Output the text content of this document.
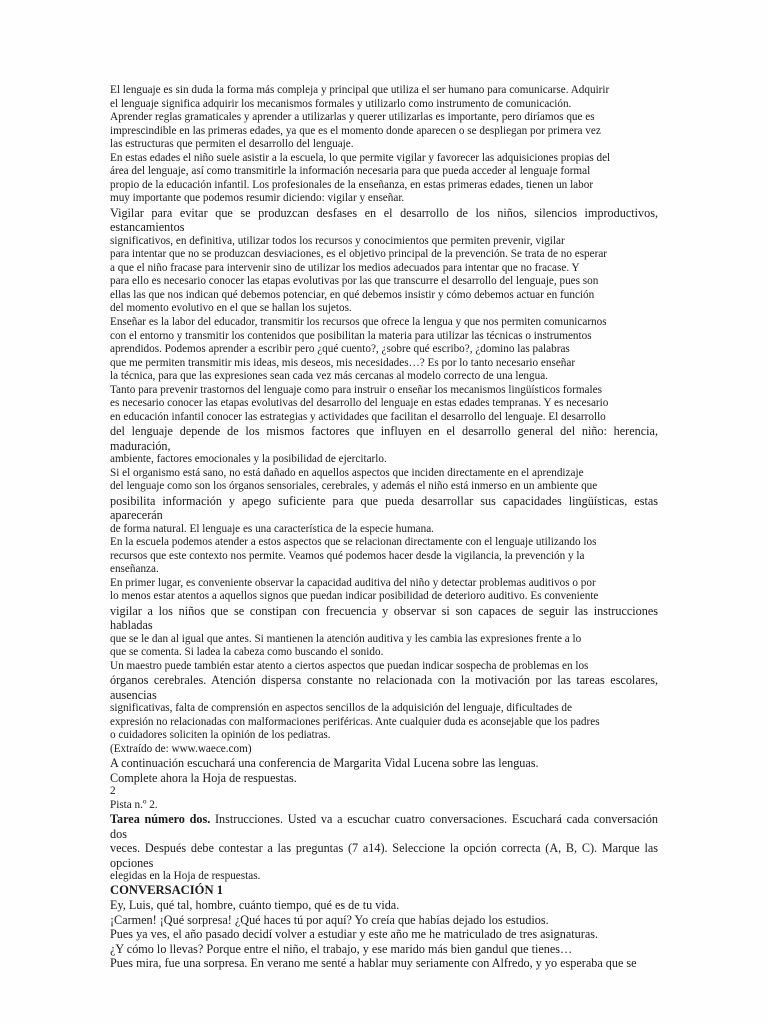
El lenguaje es sin duda la forma más compleja y principal que utiliza el ser humano para comunicarse. Adquirir
el lenguaje significa adquirir los mecanismos formales y utilizarlo como instrumento de comunicación.
Aprender reglas gramaticales y aprender a utilizarlas y querer utilizarlas es importante, pero diríamos que es
imprescindible en las primeras edades, ya que es el momento donde aparecen o se despliegan por primera vez
las estructuras que permiten el desarrollo del lenguaje.
En estas edades el niño suele asistir a la escuela, lo que permite vigilar y favorecer las adquisiciones propias del
área del lenguaje, así como transmitirle la información necesaria para que pueda acceder al lenguaje formal
propio de la educación infantil. Los profesionales de la enseñanza, en estas primeras edades, tienen un labor
muy importante que podemos resumir diciendo: vigilar y enseñar.
Vigilar para evitar que se produzcan desfases en el desarrollo de los niños, silencios improductivos,
estancamientos
significativos, en definitiva, utilizar todos los recursos y conocimientos que permiten prevenir, vigilar
para intentar que no se produzcan desviaciones, es el objetivo principal de la prevención. Se trata de no esperar
a que el niño fracase para intervenir sino de utilizar los medios adecuados para intentar que no fracase. Y
para ello es necesario conocer las etapas evolutivas por las que transcurre el desarrollo del lenguaje, pues son
ellas las que nos indican qué debemos potenciar, en qué debemos insistir y cómo debemos actuar en función
del momento evolutivo en el que se hallan los sujetos.
Enseñar es la labor del educador, transmitir los recursos que ofrece la lengua y que nos permiten comunicarnos
con el entorno y transmitir los contenidos que posibilitan la materia para utilizar las técnicas o instrumentos
aprendidos. Podemos aprender a escribir pero ¿qué cuento?, ¿sobre qué escribo?, ¿domino las palabras
que me permiten transmitir mis ideas, mis deseos, mis necesidades…? Es por lo tanto necesario enseñar
la técnica, para que las expresiones sean cada vez más cercanas al modelo correcto de una lengua.
Tanto para prevenir trastornos del lenguaje como para instruir o enseñar los mecanismos lingüísticos formales
es necesario conocer las etapas evolutivas del desarrollo del lenguaje en estas edades tempranas. Y es necesario
en educación infantil conocer las estrategias y actividades que facilitan el desarrollo del lenguaje. El desarrollo
del lenguaje depende de los mismos factores que influyen en el desarrollo general del niño: herencia,
maduración,
ambiente, factores emocionales y la posibilidad de ejercitarlo.
Si el organismo está sano, no está dañado en aquellos aspectos que inciden directamente en el aprendizaje
del lenguaje como son los órganos sensoriales, cerebrales, y además el niño está inmerso en un ambiente que
posibilita información y apego suficiente para que pueda desarrollar sus capacidades lingüísticas, estas
aparecerán
de forma natural. El lenguaje es una característica de la especie humana.
En la escuela podemos atender a estos aspectos que se relacionan directamente con el lenguaje utilizando los
recursos que este contexto nos permite. Veamos qué podemos hacer desde la vigilancia, la prevención y la
enseñanza.
En primer lugar, es conveniente observar la capacidad auditiva del niño y detectar problemas auditivos o por
lo menos estar atentos a aquellos signos que puedan indicar posibilidad de deterioro auditivo. Es conveniente
vigilar a los niños que se constipan con frecuencia y observar si son capaces de seguir las instrucciones
habladas
que se le dan al igual que antes. Si mantienen la atención auditiva y les cambia las expresiones frente a lo
que se comenta. Si ladea la cabeza como buscando el sonido.
Un maestro puede también estar atento a ciertos aspectos que puedan indicar sospecha de problemas en los
órganos cerebrales. Atención dispersa constante no relacionada con la motivación por las tareas escolares,
ausencias
significativas, falta de comprensión en aspectos sencillos de la adquisición del lenguaje, dificultades de
expresión no relacionadas con malformaciones periféricas. Ante cualquier duda es aconsejable que los padres
o cuidadores soliciten la opinión de los pediatras.
(Extraído de: www.waece.com)
A continuación escuchará una conferencia de Margarita Vidal Lucena sobre las lenguas.
Complete ahora la Hoja de respuestas.
2
Pista n.º 2.
Tarea número dos. Instrucciones. Usted va a escuchar cuatro conversaciones. Escuchará cada conversación
dos
veces. Después debe contestar a las preguntas (7 a14). Seleccione la opción correcta (A, B, C). Marque las
opciones
elegidas en la Hoja de respuestas.
CONVERSACIÓN 1
Ey, Luis, qué tal, hombre, cuánto tiempo, qué es de tu vida.
¡Carmen! ¡Qué sorpresa! ¿Qué haces tú por aquí? Yo creía que habías dejado los estudios.
Pues ya ves, el año pasado decidí volver a estudiar y este año me he matriculado de tres asignaturas.
¿Y cómo lo llevas? Porque entre el niño, el trabajo, y ese marido más bien gandul que tienes…
Pues mira, fue una sorpresa. En verano me senté a hablar muy seriamente con Alfredo, y yo esperaba que se
